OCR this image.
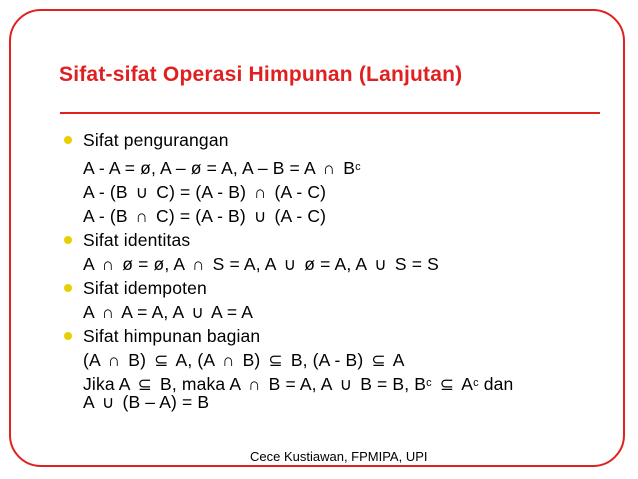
Sifat-sifat Operasi Himpunan (Lanjutan)
Sifat pengurangan
A - A = ø, A – ø = A, A – B = A ∩ $B^c$
A - (B ∪ C) = (A - B) ∩ (A - C)
A - (B ∩ C) = (A - B) ∪ (A - C)
Sifat identitas
A ∩ ø = ø, A ∩ S = A, A ∪ ø = A, A ∪ S = S
Sifat idempoten
A ∩ A = A, A ∪ A = A
Sifat himpunan bagian
(A ∩ B) ⊆ A, (A ∩ B) ⊆ B, (A - B) ⊆ A
Jika A ⊆ B, maka A ∩ B = A, A ∪ B = B, $B^c$ ⊆ $A^c$ dan
A ∪ (B – A) = B
Cece Kustiawan, FPMIPA, UPI
